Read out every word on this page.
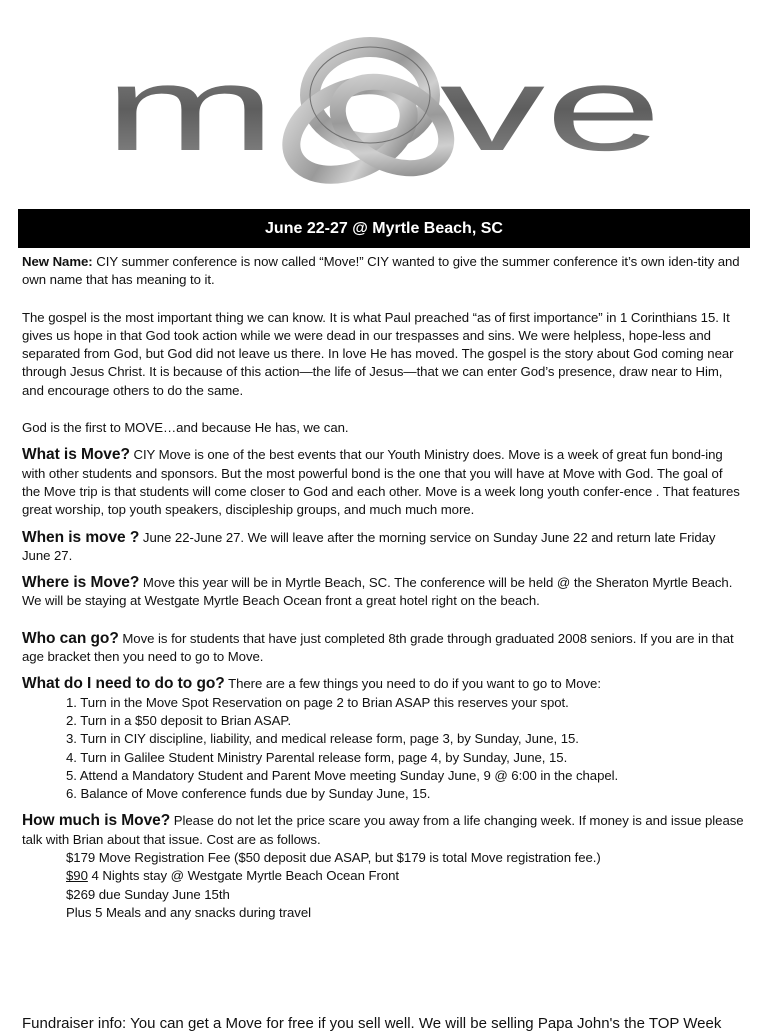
m ve
June 22-27 @ Myrtle Beach, SC

New Name: CIY summer conference is now called “Move!” CIY wanted to give the summer conference it’s own iden-tity and own name that has meaning to it.

The gospel is the most important thing we can know. It is what Paul preached “as of first importance” in 1 Corinthians 15. It gives us hope in that God took action while we were dead in our trespasses and sins. We were helpless, hope-less and separated from God, but God did not leave us there. In love He has moved. The gospel is the story about God coming near through Jesus Christ. It is because of this action—the life of Jesus—that we can enter God’s presence, draw near to Him, and encourage others to do the same.

God is the first to MOVE…and because He has, we can.

What is Move? CIY Move is one of the best events that our Youth Ministry does. Move is a week of great fun bond-ing with other students and sponsors. But the most powerful bond is the one that you will have at Move with God. The goal of the Move trip is that students will come closer to God and each other. Move is a week long youth confer-ence . That features great worship, top youth speakers, discipleship groups, and much much more.

When is move ? June 22-June 27. We will leave after the morning service on Sunday June 22 and return late Friday June 27.

Where is Move? Move this year will be in Myrtle Beach, SC. The conference will be held @ the Sheraton Myrtle Beach. We will be staying at Westgate Myrtle Beach Ocean front a great hotel right on the beach.

Who can go? Move is for students that have just completed 8th grade through graduated 2008 seniors. If you are in that age bracket then you need to go to Move.

What do I need to do to go? There are a few things you need to do if you want to go to Move:

1. Turn in the Move Spot Reservation on page 2 to Brian ASAP this reserves your spot.
2. Turn in a $50 deposit to Brian ASAP.
3. Turn in CIY discipline, liability, and medical release form, page 3, by Sunday, June, 15.
4. Turn in Galilee Student Ministry Parental release form, page 4, by Sunday, June, 15.
5. Attend a Mandatory Student and Parent Move meeting Sunday June, 9 @ 6:00 in the chapel.
6. Balance of Move conference funds due by Sunday June, 15.

How much is Move? Please do not let the price scare you away from a life changing week. If money is and issue please talk with Brian about that issue. Cost are as follows.

$179 Move Registration Fee ($50 deposit due ASAP, but $179 is total Move registration fee.)
$90 4 Nights stay @ Westgate Myrtle Beach Ocean Front
$269 due Sunday June 15th
Plus 5 Meals and any snacks during travel
Fundraiser info: You can get a Move for free if you sell well. We will be selling Papa John's the TOP Week
